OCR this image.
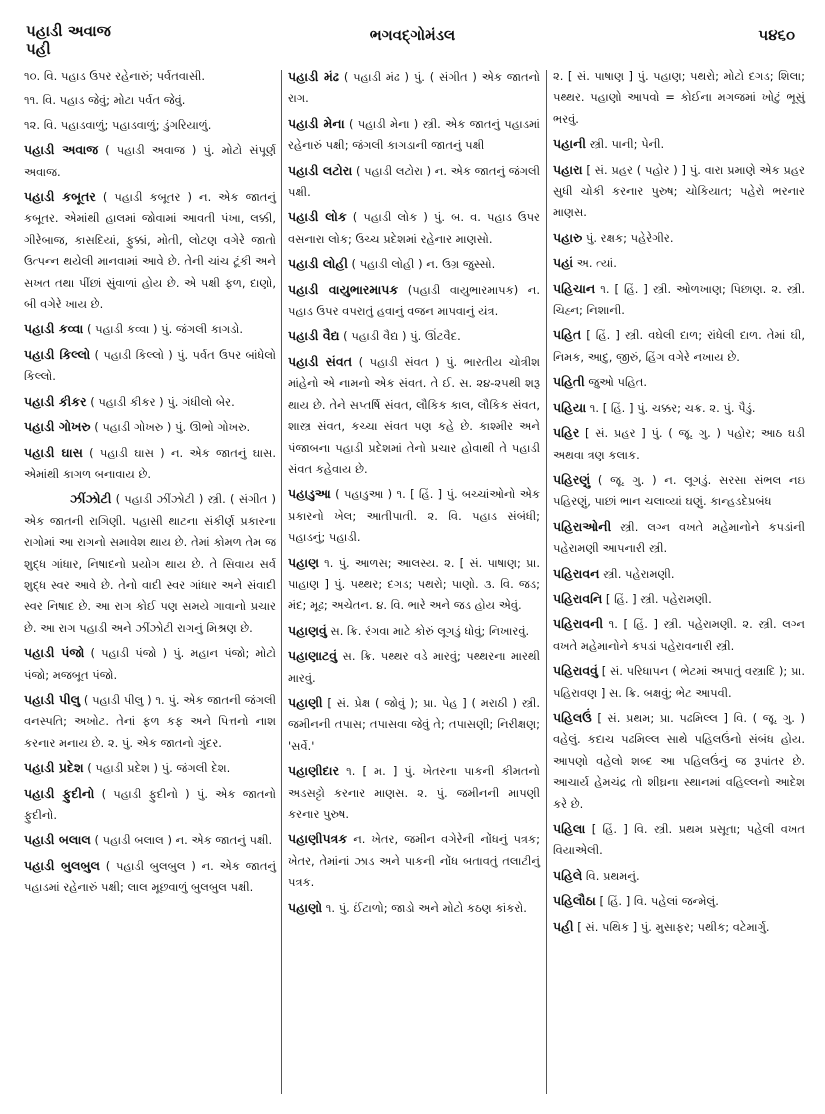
પહાડી અવાજ
પહી
ભગવદ્ગોમંડલ	૫૪૬૦
૧૦. વિ. પહાડ ઉપર રહેનારું; પર્વતવાસી.
૧૧. વિ. પહાડ જેવું; મોટા પર્વત જેવું.
૧૨. વિ. પહાડવાળું; પહાડવાળું; ડુંગરિયાળું.
પહાડી અવાજ ( પહાડી અવાજ ) પું. મોટો સંપૂર્ણ અવાજ.
પહાડી કબૂતર ( પહાડી કબૂતર ) ન. એક જાતનું કબૂતર. એમાંથી હાલમાં જોવામાં આવતી પંખા, લક્કી, ગીરેબાજ, કાસદિયાં, ફુક્કાં, મોતી, લોટણ વગેરે જાતો ઉત્પન્ન થયેલી માનવામાં આવે છે. તેની ચાંચ ટૂંકી અને સખત તથા પીંછાં સુંવાળાં હોય છે. એ પક્ષી ફળ, દાણો, બી વગેરે ખાય છે.
પહાડી કવ્વા ( પહાડી કવ્વા ) પું. જંગલી કાગડો.
પહાડી કિલ્લો ( પહાડી કિલ્લો ) પું. પર્વત ઉપર બાંધેલો કિલ્લો.
પહાડી કીકર ( પહાડી કીકર ) પું. ગંધીલો બેર.
પહાડી ગોખરુ ( પહાડી ગોખરુ ) પું. ઊભો ગોખરુ.
પહાડી ઘાસ ( પહાડી ઘાસ ) ન. એક જાતનું ઘાસ. એમાંથી કાગળ બનાવાય છે.
ઝીંઝોટી ( પહાડી ઝીંઝોટી ) સ્ત્રી. ( સંગીત ) એક જાતની રાગિણી. પહાસી થાટના સંકીર્ણ પ્રકારના રાગોમાં આ રાગનો સમાવેશ થાય છે. તેમાં કોમળ તેમ જ શુદ્ધ ગાંધાર, નિષાદનો પ્રયોગ થાય છે. તે સિવાય સર્વ શુદ્ધ સ્વર આવે છે. તેનો વાદી સ્વર ગાંધાર અને સંવાદી સ્વર નિષાદ છે. આ રાગ કોઈ પણ સમયે ગાવાનો પ્રચાર છે. આ રાગ પહાડી અને ઝીંઝોટી રાગનું મિશ્રણ છે.
પહાડી પંજો ( પહાડી પંજો ) પું. મહાન પંજો; મોટો પંજો; મજબૂત પંજો.
પહાડી પીલુ ( પહાડી પીલુ ) ૧. પું. એક જાતની જંગલી વનસ્પતિ; અખોટ. તેનાં ફળ કફ અને પિત્તનો નાશ કરનાર મનાય છે. ૨. પું. એક જાતનો ગુંદર.
પહાડી પ્રદેશ ( પહાડી પ્રદેશ ) પું. જંગલી દેશ.
પહાડી ફુદીનો ( પહાડી ફુદીનો ) પું. એક જાતનો ફુદીનો.
પહાડી બલાલ ( પહાડી બલાલ ) ન. એક જાતનું પક્ષી.
પહાડી બુલબુલ ( પહાડી બુલબુલ ) ન. એક જાતનું પહાડમાં રહેનારું પક્ષી; લાલ મૂછવાળું બુલબુલ પક્ષી.
પહાડી મંઢ ( પહાડી મંઢ ) પું. ( સંગીત ) એક જાતનો રાગ.
પહાડી મેના ( પહાડી મેના ) સ્ત્રી. એક જાતનું પહાડમાં રહેનારું પક્ષી; જંગલી કાગડાની જાતનું પક્ષી
પહાડી લટોરા ( પહાડી લટોરા ) ન. એક જાતનું જંગલી પક્ષી.
પહાડી લોક ( પહાડી લોક ) પું. બ. વ. પહાડ ઉપર વસનારા લોક; ઉચ્ચ પ્રદેશમાં રહેનાર માણસો.
પહાડી લોહી ( પહાડી લોહી ) ન. ઉગ્ર જુસ્સો.
પહાડી વાયુભારમાપક (પહાડી વાયુભારમાપક) ન. પહાડ ઉપર વપરાતું હવાનું વજન માપવાનું યંત્ર.
પહાડી વૈદ્ય ( પહાડી વૈદ્ય ) પું. ઊંટવૈદ.
પહાડી સંવત ( પહાડી સંવત ) પું. ભારતીય ચોત્રીશ માંહેનો એ નામનો એક સંવત. તે ઈ. સ. ૨૪-૨૫થી શરૂ થાય છે. તેને સપ્તર્ષિ સંવત, લૌકિક કાલ, લૌકિક સંવત, શાસ્ત્ર સંવત, કચ્ચા સંવત પણ કહે છે. કાશ્મીર અને પંજાબના પહાડી પ્રદેશમાં તેનો પ્રચાર હોવાથી તે પહાડી સંવત કહેવાય છે.
પહાડુઆ ( પહાડુઆ ) ૧. [ હિં. ] પું. બચ્ચાંઓનો એક પ્રકારનો ખેલ; આતીપાતી. ૨. વિ. પહાડ સંબંધી; પહાડનું; પહાડી.
પહાણ ૧. પું. આળસ; આલસ્ય. ૨. [ સં. પાષાણ; પ્રા. પાહાણ ] પું. પથ્થર; દગડ; પથરો; પાણો. ૩. વિ. જડ; મંદ; મૂઢ; અચેતન. ૪. વિ. ભારે અને જડ હોય એવું.
પહાણવું સ. ક્રિ. રંગવા માટે કોરું લૂગડું ધોવું; નિખારવું.
પહાણાટવું સ. ક્રિ. પથ્થર વડે મારવું; પથ્થરના મારથી મારવું.
પહાણી [ સં. પ્રેક્ષ ( જોવું ); પ્રા. પેહ ] ( મરાઠી ) સ્ત્રી. જમીનની તપાસ; તપાસવા જેવું તે; તપાસણી; નિરીક્ષણ; 'સર્વે.'
પહાણીદાર ૧. [ મ. ] પું. ખેતરના પાકની કીમતનો અડસટ્ટો કરનાર માણસ. ૨. પું. જમીનની માપણી કરનાર પુરુષ.
પહાણીપત્રક ન. ખેતર, જમીન વગેરેની નોંધનું પત્રક; ખેતર, તેમાંનાં ઝાડ અને પાકની નોંધ બતાવતું તલાટીનું પત્રક.
પહાણો ૧. પું. ઈંટાળો; જાડો અને મોટો કઠણ કાંકરો.
૨. [ સં. પાષાણ ] પું. પહાણ; પથરો; મોટો દગડ; શિલા; પથ્થર. પહાણો આપવો = કોઈના મગજમાં ખોટું ભૂસું ભરવું.
પહાની સ્ત્રી. પાની; પેની.
પહારા [ સં. પ્રહર ( પહોર ) ] પું. વારા પ્રમાણે એક પ્રહર સુધી ચોકી કરનાર પુરુષ; ચોકિયાત; પહેરો ભરનાર માણસ.
પહારુ પું. રક્ષક; પહેરેગીર.
પહાં અ. ત્યાં.
પહિચાન ૧. [ હિં. ] સ્ત્રી. ઓળખાણ; પિછાણ. ૨. સ્ત્રી. ચિહ્ન; નિશાની.
પહિત [ હિં. ] સ્ત્રી. વઘેલી દાળ; રાંધેલી દાળ. તેમાં ઘી, નિમક, આદુ, જીરું, હિંગ વગેરે નખાય છે.
પહિતી જુઓ પહિત.
પહિયા ૧. [ હિં. ] પું. ચક્કર; ચક્ર. ૨. પું. પૈડું.
પહિર [ સં. પ્રહર ] પું. ( જૂ. ગુ. ) પહોર; આઠ ઘડી અથવા ત્રણ કલાક.
પહિરણું ( જૂ. ગુ. ) ન. લૂગડું. સરસા સંભલ નઇ પહિરણું, પાછાં ભાન ચલાવ્યાં ઘણું. કાન્હડદેપ્રબંધ
પહિરાઓની સ્ત્રી. લગ્ન વખતે મહેમાનોને કપડાંની પહેરામણી આપનારી સ્ત્રી.
પહિરાવન સ્ત્રી. પહેરામણી.
પહિરાવનિ [ હિં. ] સ્ત્રી. પહેરામણી.
પહિરાવની ૧. [ હિં. ] સ્ત્રી. પહેરામણી. ૨. સ્ત્રી. લગ્ન વખતે મહેમાનોને કપડાં પહેરાવનારી સ્ત્રી.
પહિરાવવું [ સં. પરિધાપન ( ભેટમાં અપાતું વસ્ત્રાદિ ); પ્રા. પહિરાવણ ] સ. ક્રિ. બક્ષવું; ભેટ આપવી.
પહિલઉં [ સં. પ્રથમ; પ્રા. પઢમિલ્લ ] વિ. ( જૂ. ગુ. ) વહેલું. કદાચ પઢમિલ્લ સાથે પહિલઉંનો સંબંધ હોય. આપણો વહેલો શબ્દ આ પહિલઉંનું જ રૂપાંતર છે. આચાર્ય હેમચંદ્ર તો શીઘ્રના સ્થાનમાં વહિલ્લનો આદેશ કરે છે.
પહિલા [ હિં. ] વિ. સ્ત્રી. પ્રથમ પ્રસૂતા; પહેલી વખત વિયાએલી.
પહિલે વિ. પ્રથમનું.
પહિલૌઠા [ હિં. ] વિ. પહેલાં જન્મેલું.
પહી [ સં. પથિક ] પું. મુસાફર; પથીક; વટેમાર્ગુ.
